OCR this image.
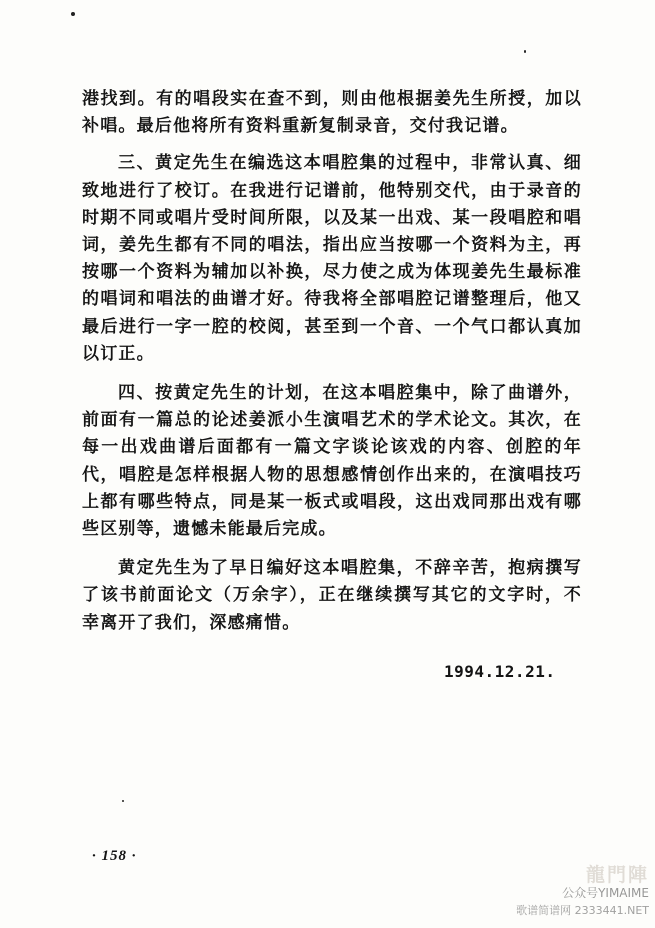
港找到。有的唱段实在查不到，则由他根据姜先生所授，加以补唱。最后他将所有资料重新复制录音，交付我记谱。

三、黄定先生在编选这本唱腔集的过程中，非常认真、细致地进行了校订。在我进行记谱前，他特别交代，由于录音的时期不同或唱片受时间所限，以及某一出戏、某一段唱腔和唱词，姜先生都有不同的唱法，指出应当按哪一个资料为主，再按哪一个资料为辅加以补换，尽力使之成为体现姜先生最标准的唱词和唱法的曲谱才好。待我将全部唱腔记谱整理后，他又最后进行一字一腔的校阅，甚至到一个音、一个气口都认真加以订正。

四、按黄定先生的计划，在这本唱腔集中，除了曲谱外，前面有一篇总的论述姜派小生演唱艺术的学术论文。其次，在每一出戏曲谱后面都有一篇文字谈论该戏的内容、创腔的年代，唱腔是怎样根据人物的思想感情创作出来的，在演唱技巧上都有哪些特点，同是某一板式或唱段，这出戏同那出戏有哪些区别等，遗憾未能最后完成。

黄定先生为了早日编好这本唱腔集，不辞辛苦，抱病撰写了该书前面论文（万余字），正在继续撰写其它的文字时，不幸离开了我们，深感痛惜。

1994.12.21.
· 158 ·
龍門陣
公众号YIMAIME
歌谱简谱网 2333441.NET
